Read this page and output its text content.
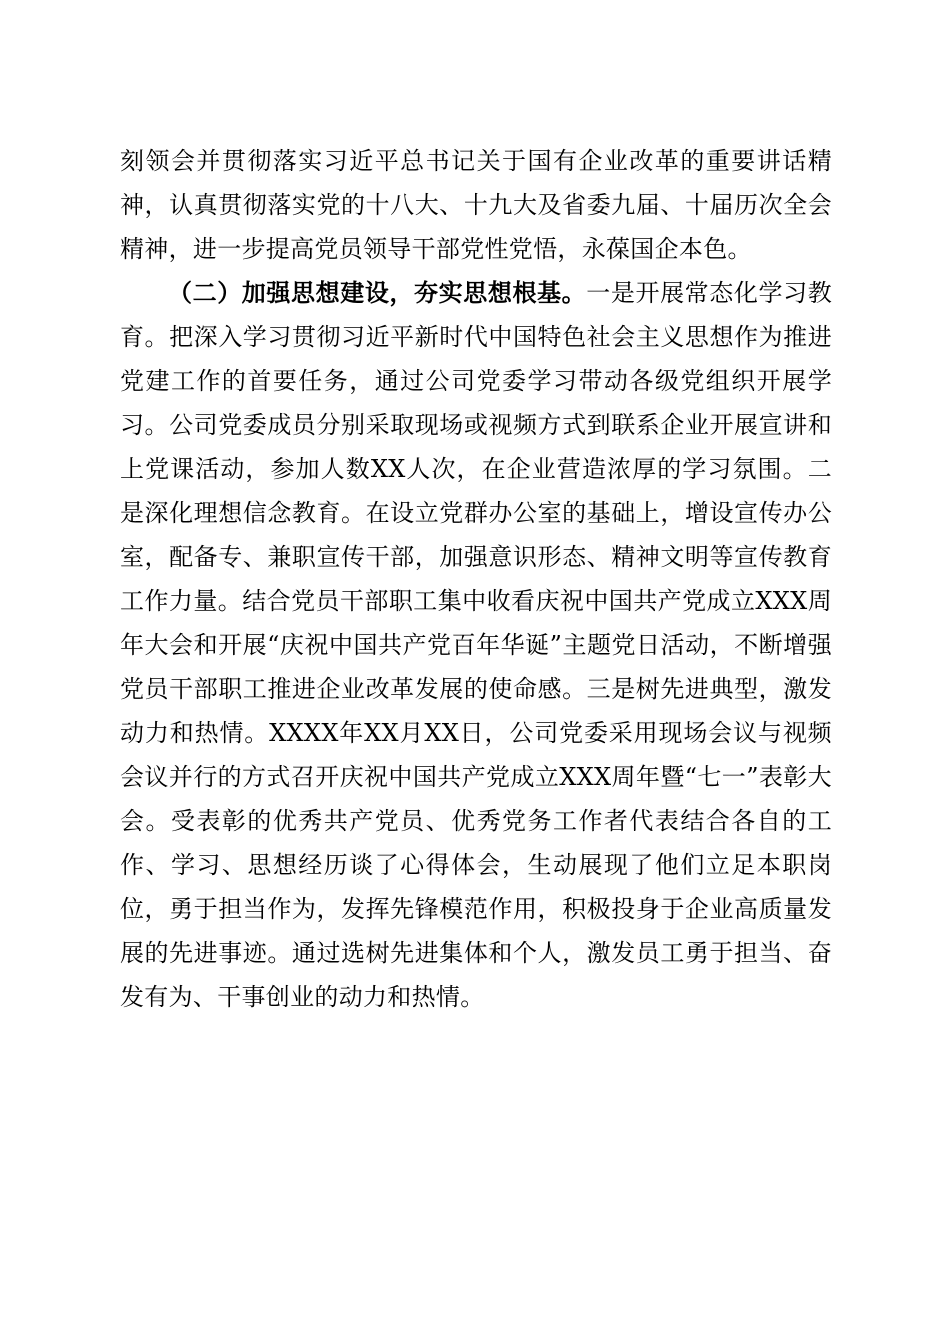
刻领会并贯彻落实习近平总书记关于国有企业改革的重要讲话精神，认真贯彻落实党的十八大、十九大及省委九届、十届历次全会精神，进一步提高党员领导干部党性党悟，永葆国企本色。

（二）加强思想建设，夯实思想根基。一是开展常态化学习教育。把深入学习贯彻习近平新时代中国特色社会主义思想作为推进党建工作的首要任务，通过公司党委学习带动各级党组织开展学习。公司党委成员分别采取现场或视频方式到联系企业开展宣讲和上党课活动，参加人数XX人次，在企业营造浓厚的学习氛围。二是深化理想信念教育。在设立党群办公室的基础上，增设宣传办公室，配备专、兼职宣传干部，加强意识形态、精神文明等宣传教育工作力量。结合党员干部职工集中收看庆祝中国共产党成立XXX周年大会和开展“庆祝中国共产党百年华诞”主题党日活动，不断增强党员干部职工推进企业改革发展的使命感。三是树先进典型，激发动力和热情。XXXX年XX月XX日，公司党委采用现场会议与视频会议并行的方式召开庆祝中国共产党成立XXX周年暨“七一”表彰大会。受表彰的优秀共产党员、优秀党务工作者代表结合各自的工作、学习、思想经历谈了心得体会，生动展现了他们立足本职岗位，勇于担当作为，发挥先锋模范作用，积极投身于企业高质量发展的先进事迹。通过选树先进集体和个人，激发员工勇于担当、奋发有为、干事创业的动力和热情。
